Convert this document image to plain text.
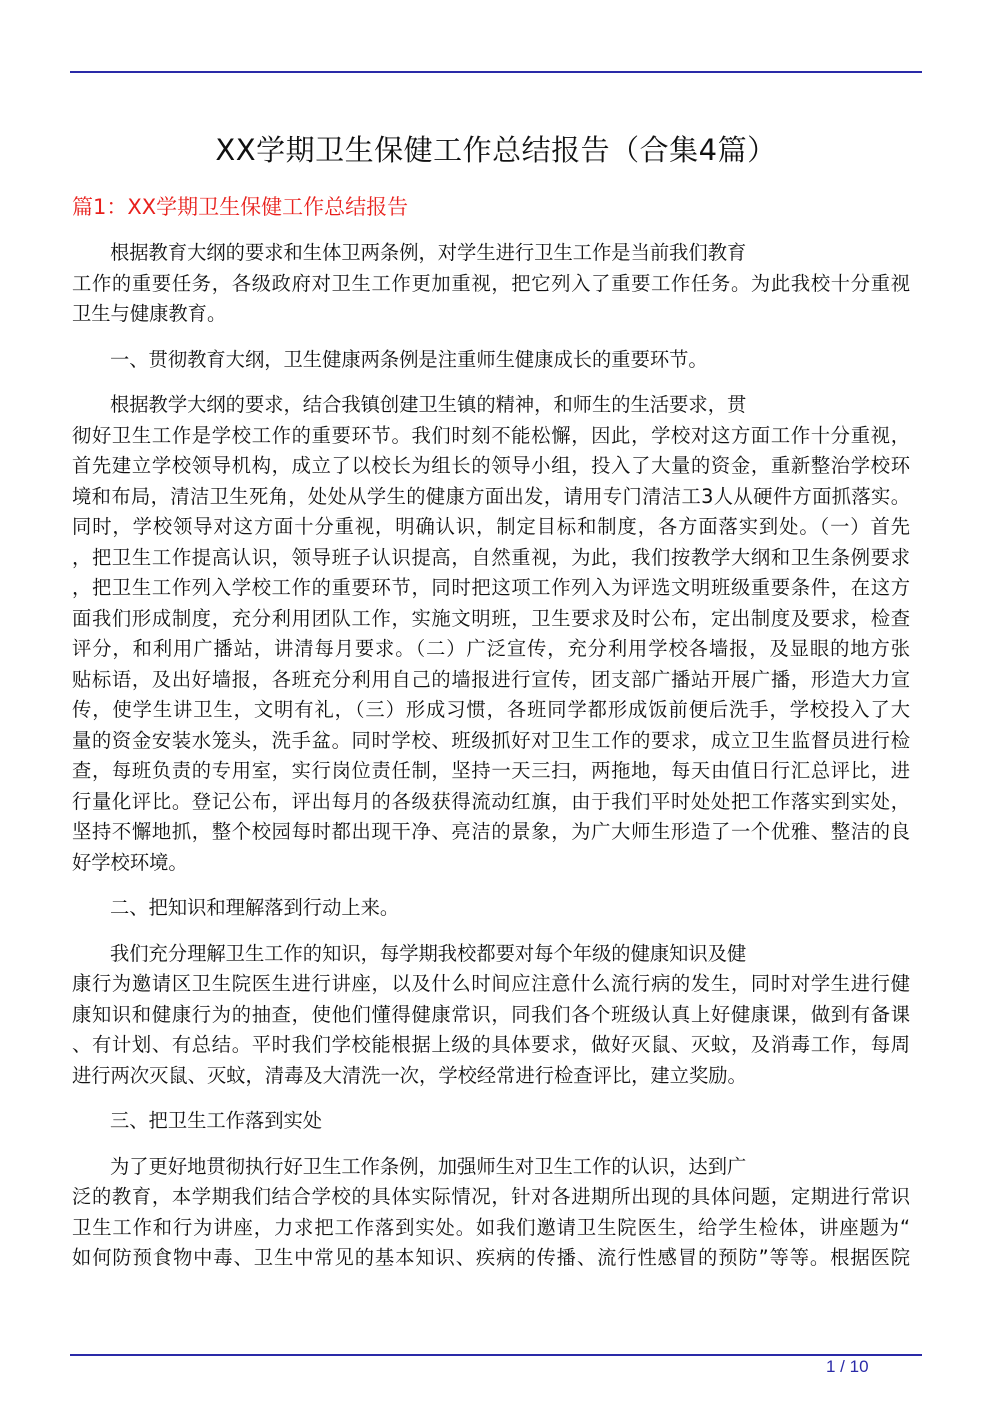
XX学期卫生保健工作总结报告（合集4篇）
篇1：XX学期卫生保健工作总结报告
根据教育大纲的要求和生体卫两条例，对学生进行卫生工作是当前我们教育
工作的重要任务，各级政府对卫生工作更加重视，把它列入了重要工作任务。为此我校十分重视
卫生与健康教育。
一、贯彻教育大纲，卫生健康两条例是注重师生健康成长的重要环节。
根据教学大纲的要求，结合我镇创建卫生镇的精神，和师生的生活要求，贯
彻好卫生工作是学校工作的重要环节。我们时刻不能松懈，因此，学校对这方面工作十分重视，
首先建立学校领导机构，成立了以校长为组长的领导小组，投入了大量的资金，重新整治学校环
境和布局，清洁卫生死角，处处从学生的健康方面出发，请用专门清洁工3人从硬件方面抓落实。
同时，学校领导对这方面十分重视，明确认识，制定目标和制度，各方面落实到处。（一）首先
，把卫生工作提高认识，领导班子认识提高，自然重视，为此，我们按教学大纲和卫生条例要求
，把卫生工作列入学校工作的重要环节，同时把这项工作列入为评选文明班级重要条件，在这方
面我们形成制度，充分利用团队工作，实施文明班，卫生要求及时公布，定出制度及要求，检查
评分，和利用广播站，讲清每月要求。（二）广泛宣传，充分利用学校各墙报，及显眼的地方张
贴标语，及出好墙报，各班充分利用自己的墙报进行宣传，团支部广播站开展广播，形造大力宣
传，使学生讲卫生，文明有礼，（三）形成习惯，各班同学都形成饭前便后洗手，学校投入了大
量的资金安装水笼头，洗手盆。同时学校、班级抓好对卫生工作的要求，成立卫生监督员进行检
查，每班负责的专用室，实行岗位责任制，坚持一天三扫，两拖地，每天由值日行汇总评比，进
行量化评比。登记公布，评出每月的各级获得流动红旗，由于我们平时处处把工作落实到实处，
坚持不懈地抓，整个校园每时都出现干净、亮洁的景象，为广大师生形造了一个优雅、整洁的良
好学校环境。
二、把知识和理解落到行动上来。
我们充分理解卫生工作的知识，每学期我校都要对每个年级的健康知识及健
康行为邀请区卫生院医生进行讲座，以及什么时间应注意什么流行病的发生，同时对学生进行健
康知识和健康行为的抽查，使他们懂得健康常识，同我们各个班级认真上好健康课，做到有备课
、有计划、有总结。平时我们学校能根据上级的具体要求，做好灭鼠、灭蚊，及消毒工作，每周
进行两次灭鼠、灭蚊，清毒及大清洗一次，学校经常进行检查评比，建立奖励。
三、把卫生工作落到实处
为了更好地贯彻执行好卫生工作条例，加强师生对卫生工作的认识，达到广
泛的教育，本学期我们结合学校的具体实际情况，针对各进期所出现的具体问题，定期进行常识
卫生工作和行为讲座，力求把工作落到实处。如我们邀请卫生院医生，给学生检体，讲座题为“
如何防预食物中毒、卫生中常见的基本知识、疾病的传播、流行性感冒的预防”等等。根据医院
1 / 10
